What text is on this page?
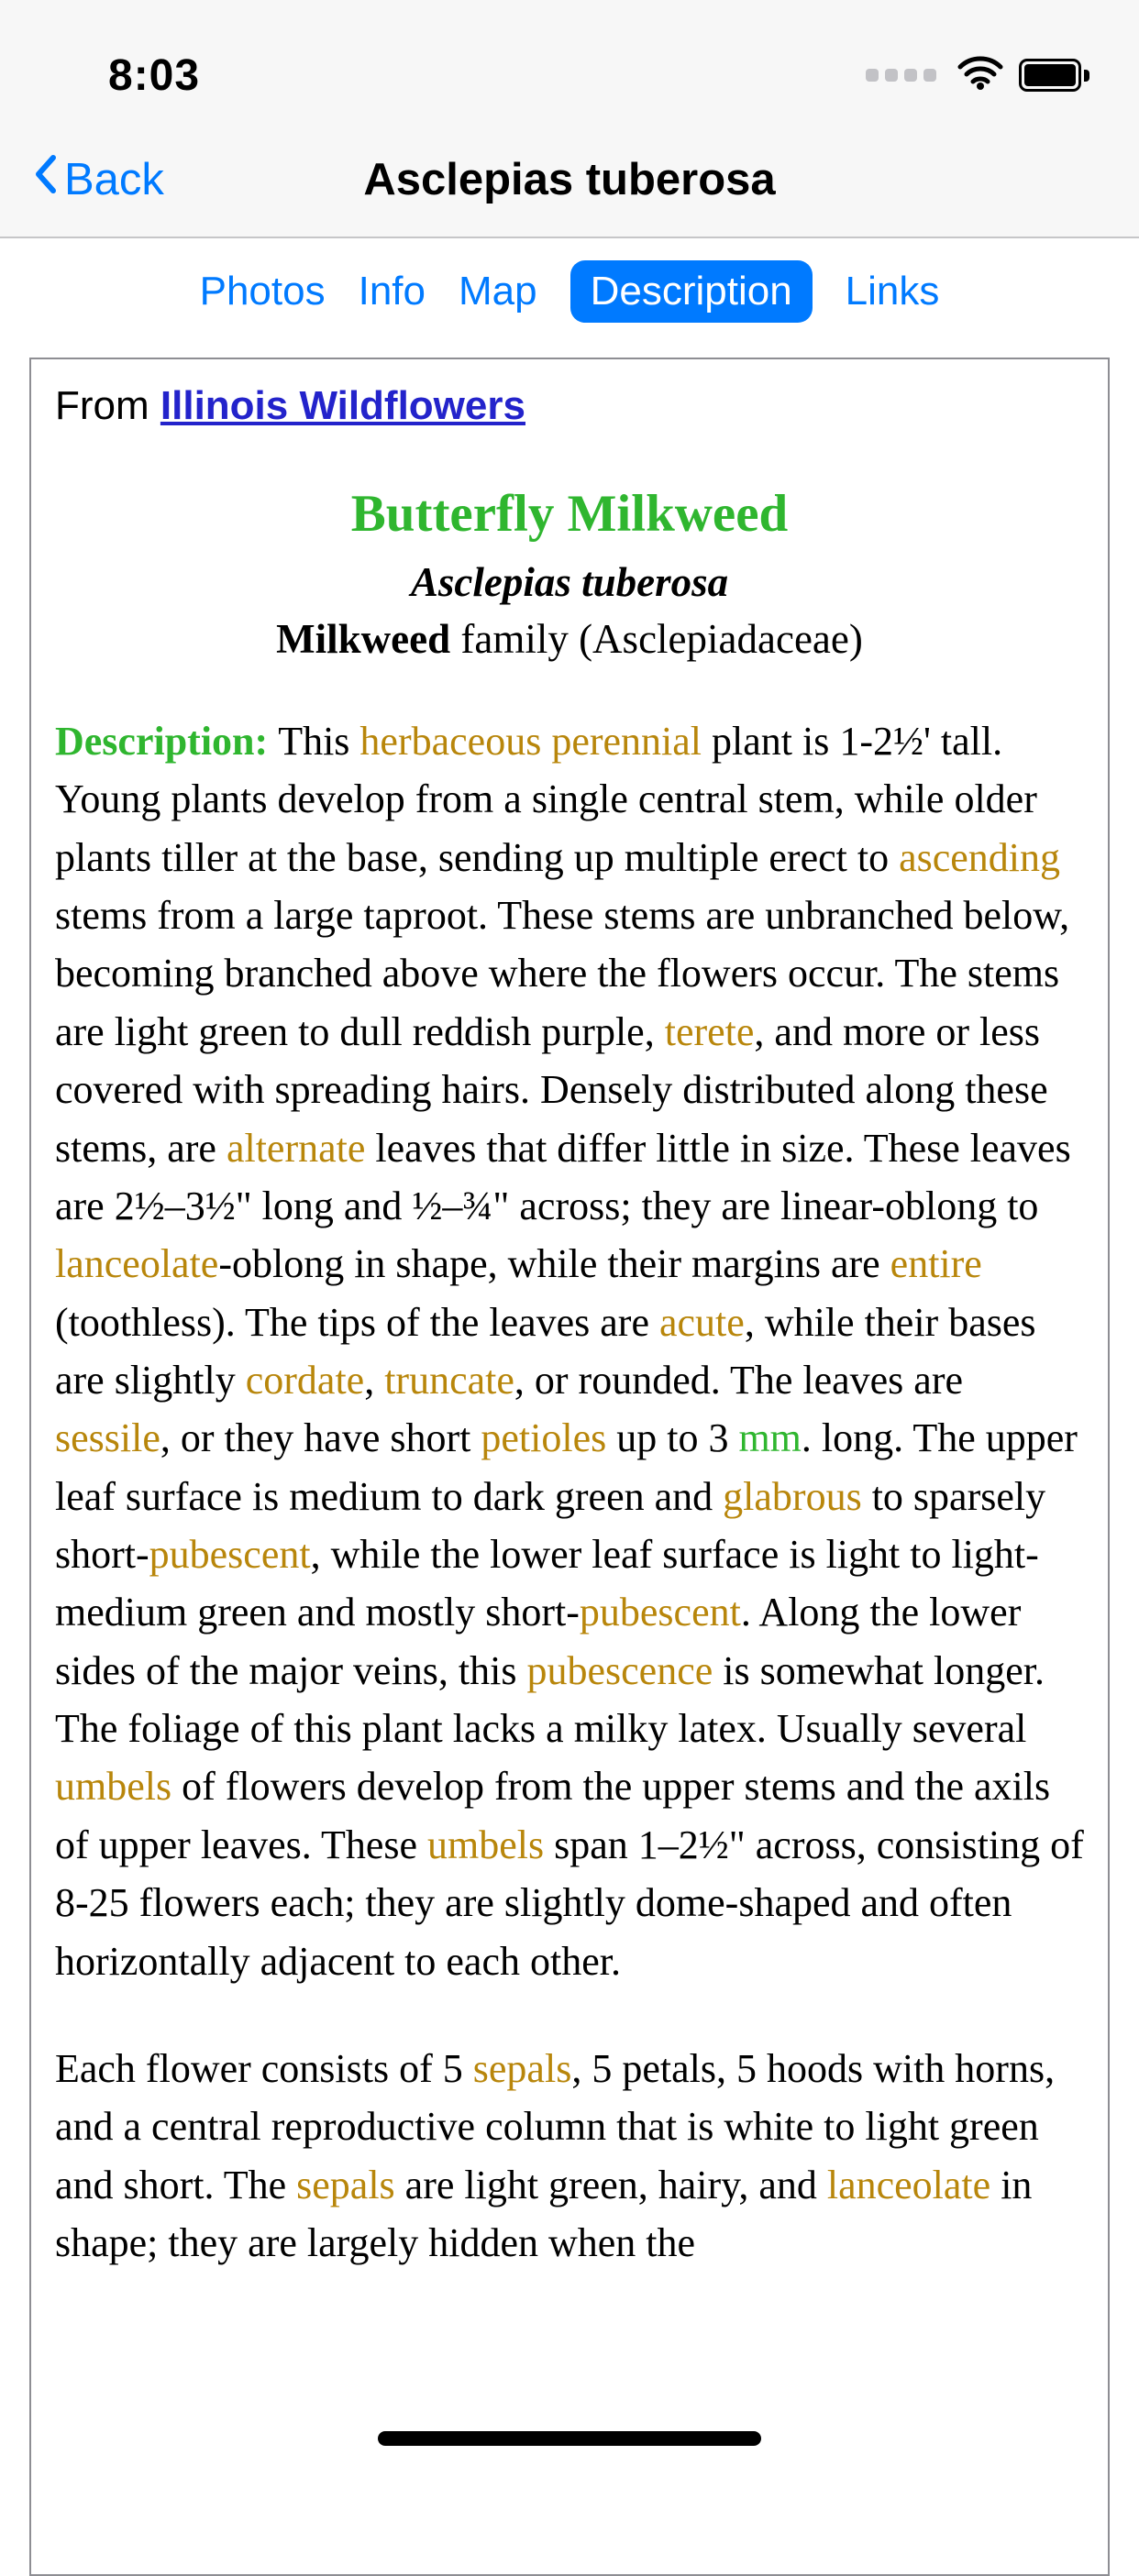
8:03
Back	Asclepias tuberosa
Photos Info Map	Description	Links
From Illinois Wildflowers
Butterfly Milkweed
Asclepias tuberosa
Milkweed family (Asclepiadaceae)

Description: This herbaceous perennial plant is 1-2½' tall. Young plants develop from a single central stem, while older plants tiller at the base, sending up multiple erect to ascending stems from a large taproot. These stems are unbranched below, becoming branched above where the flowers occur. The stems are light green to dull reddish purple, terete, and more or less covered with spreading hairs. Densely distributed along these stems, are alternate leaves that differ little in size. These leaves are 2½–3½" long and ½–¾" across; they are linear-oblong to lanceolate-oblong in shape, while their margins are entire (toothless). The tips of the leaves are acute, while their bases are slightly cordate, truncate, or rounded. The leaves are sessile, or they have short petioles up to 3 mm. long. The upper leaf surface is medium to dark green and glabrous to sparsely short-pubescent, while the lower leaf surface is light to light-medium green and mostly short-pubescent. Along the lower sides of the major veins, this pubescence is somewhat longer. The foliage of this plant lacks a milky latex. Usually several umbels of flowers develop from the upper stems and the axils of upper leaves. These umbels span 1–2½" across, consisting of 8-25 flowers each; they are slightly dome-shaped and often horizontally adjacent to each other.

Each flower consists of 5 sepals, 5 petals, 5 hoods with horns, and a central reproductive column that is white to light green and short. The sepals are light green, hairy, and lanceolate in shape; they are largely hidden when the
